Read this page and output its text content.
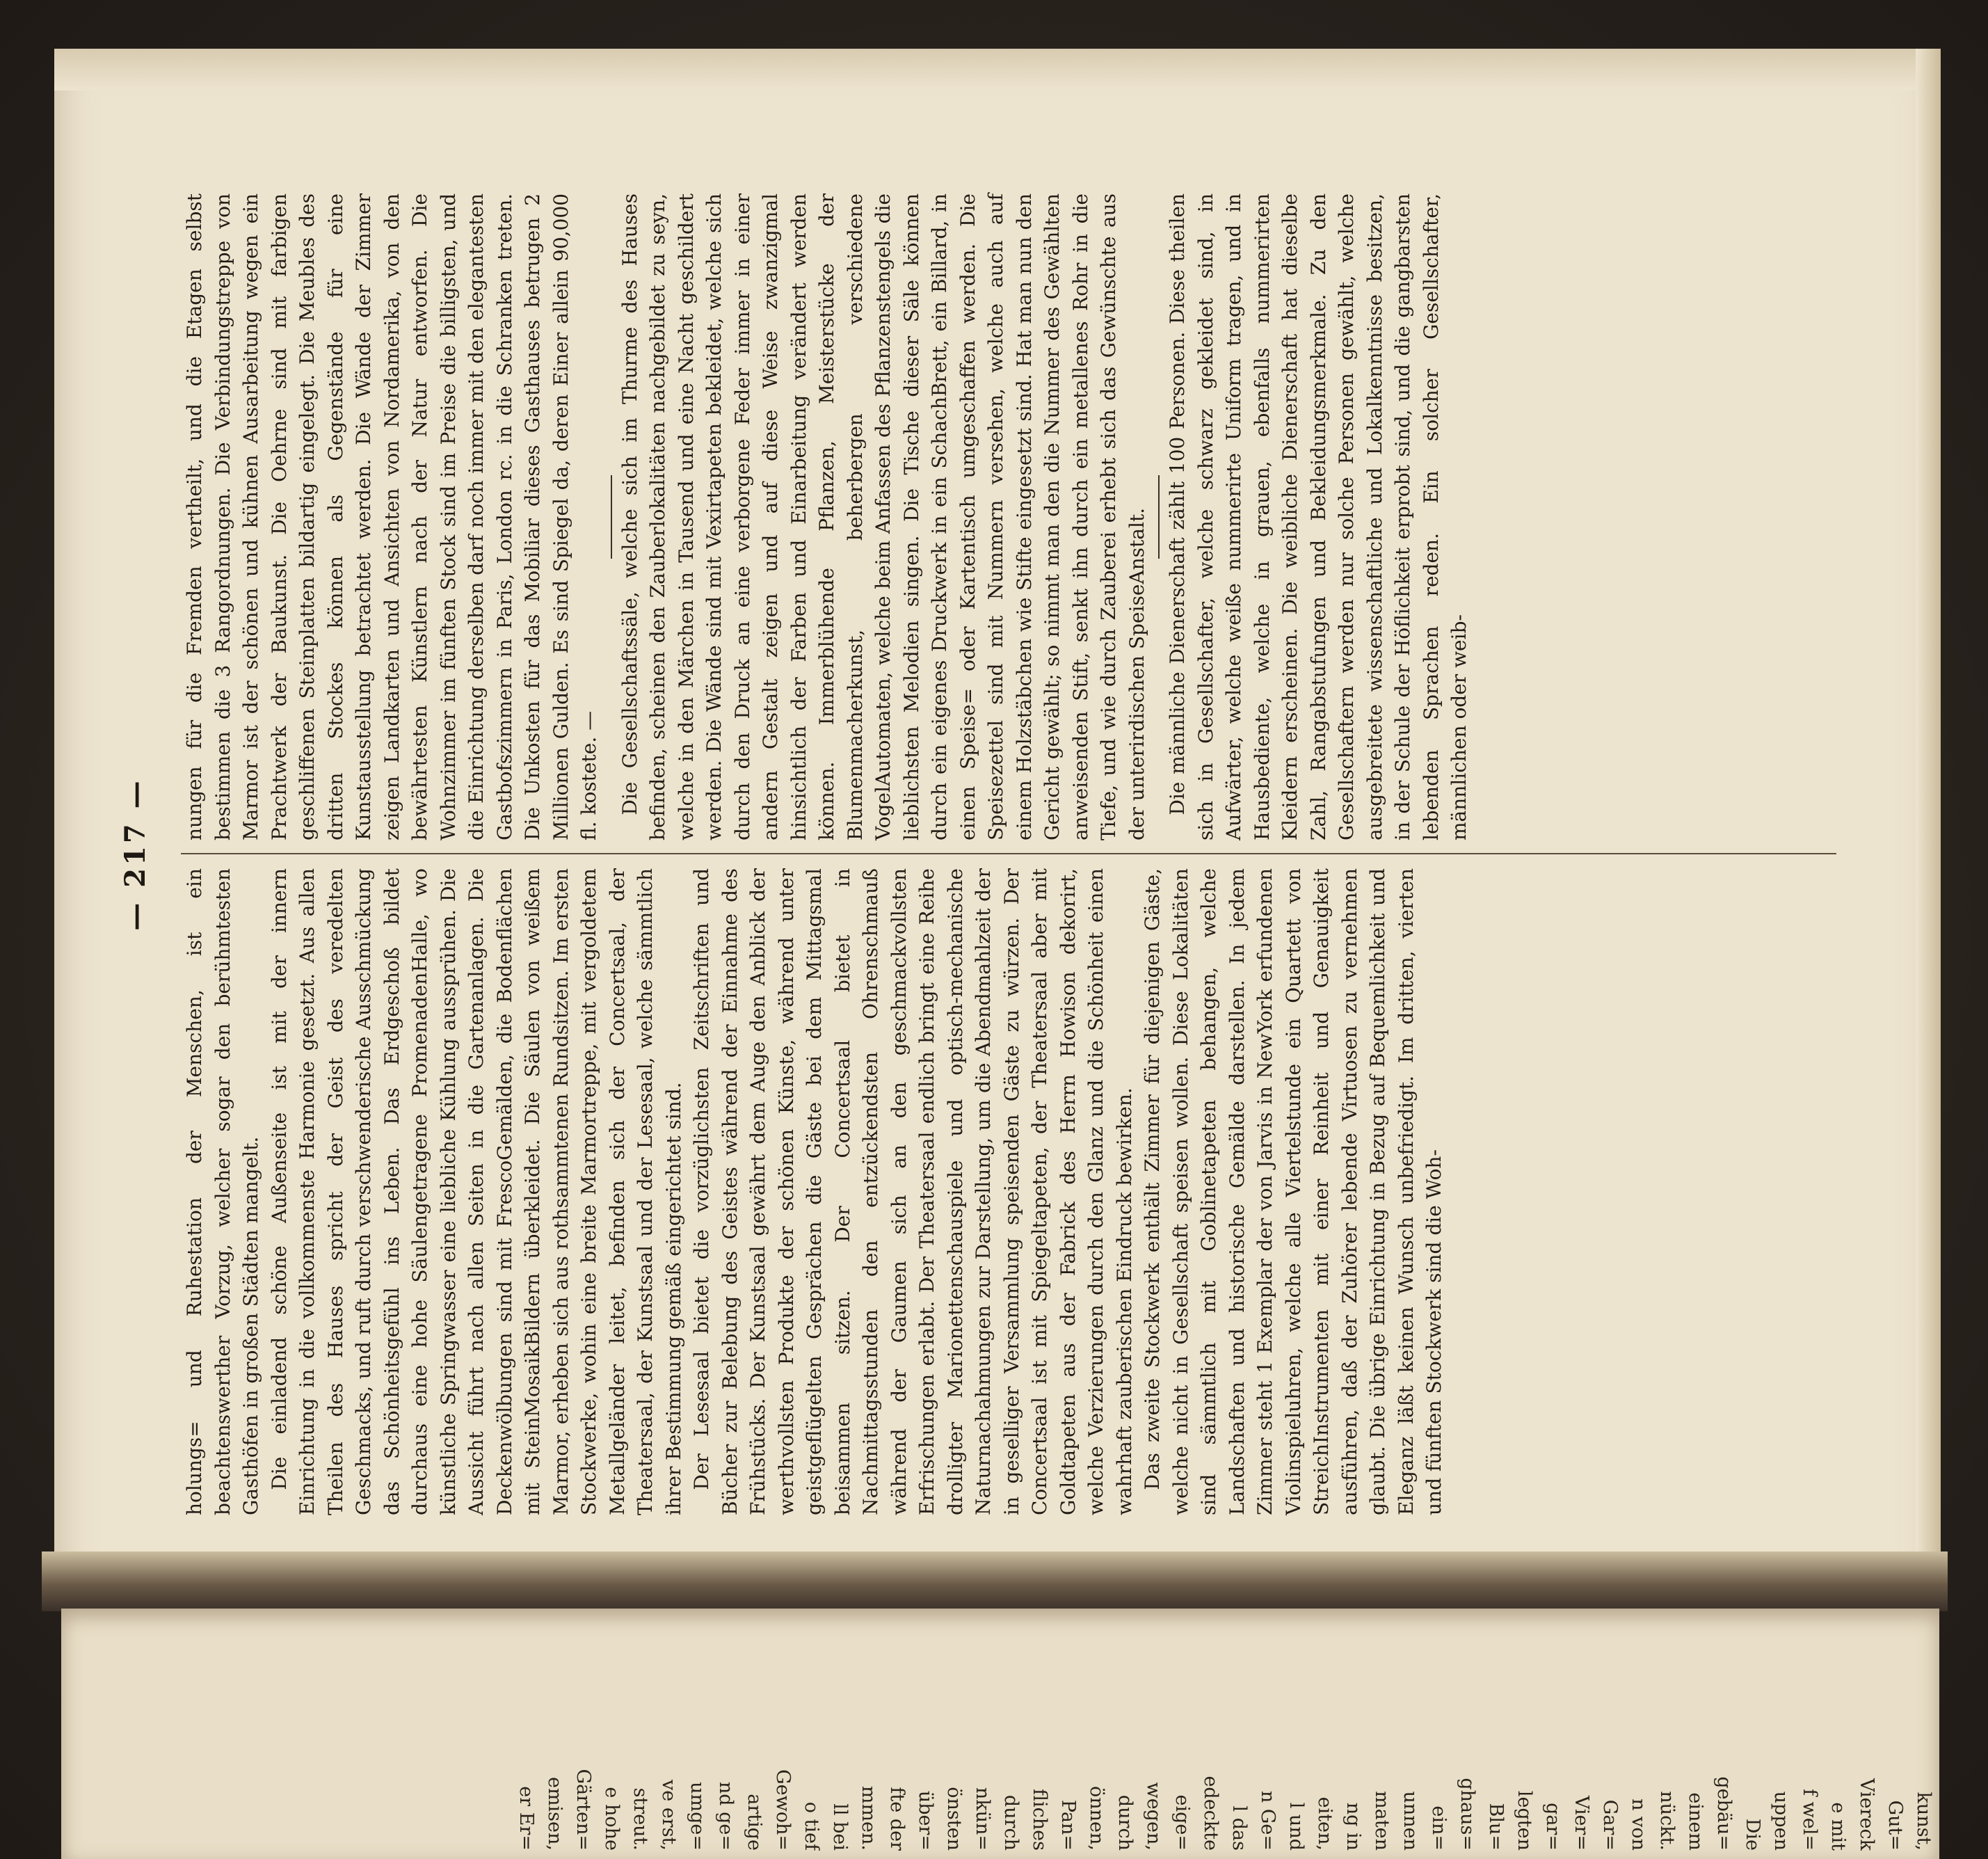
— 217 —

holungs= und Ruhestation der Menschen, ist ein beachtenswerther Vorzug, welcher sogar den berühmtesten Gasthöfen in großen Städten mangelt. Die einladend schöne Außenseite ist mit der innern Einrichtung in die vollkommenste Harmonie gesetzt. Aus allen Theilen des Hauses spricht der Geist des veredelten Geschmacks, und ruft durch verschwenderische Ausschmückung das Schönheitsgefühl ins Leben. Das Erdgeschoß bildet durchaus eine hohe Säulengetragene PromenadenHalle, wo künstliche Springwasser eine liebliche Kühlung aussprühen. Die Aussicht führt nach allen Seiten in die Gartenanlagen. Die Deckenwölbungen sind mit FrescoGemälden, die Bodenflächen mit SteinMosaikBildern überkleidet. Die Säulen von weißem Marmor, erheben sich aus rothsammtenen Rundsitzen. Im ersten Stockwerke, wohin eine breite Marmortreppe, mit vergoldetem Metallgeländer leitet, befinden sich der Concertsaal, der Theatersaal, der Kunstsaal und der Lesesaal, welche sämmtlich ihrer Bestimmung gemäß eingerichtet sind. Der Lesesaal bietet die vorzüglichsten Zeitschriften und Bücher zur Belebung des Geistes während der Einnahme des Frühstücks. Der Kunstsaal gewährt dem Auge den Anblick der werthvollsten Produkte der schönen Künste, während unter geistgeflügelten Gesprächen die Gäste bei dem Mittagsmal beisammen sitzen. Der Concertsaal bietet in Nachmittagsstunden den entzückendsten Ohrenschmauß während der Gaumen sich an den geschmackvollsten Erfrischungen erlabt. Der Theatersaal endlich bringt eine Reihe drolligter Marionettenschauspiele und optisch-mechanische Naturnachahmungen zur Darstellung, um die Abendmahlzeit der in geselliger Versammlung speisenden Gäste zu würzen. Der Concertsaal ist mit Spiegeltapeten, der Theatersaal aber mit Goldtapeten aus der Fabrick des Herrn Howison dekorirt, welche Verzierungen durch den Glanz und die Schönheit einen wahrhaft zauberischen Eindruck bewirken. Das zweite Stockwerk enthält Zimmer für diejenigen Gäste, welche nicht in Gesellschaft speisen wollen. Diese Lokalitäten sind sämmtlich mit Goblinetapeten behangen, welche Landschaften und historische Gemälde darstellen. In jedem Zimmer steht 1 Exemplar der von Jarvis in NewYork erfundenen Violinspieluhren, welche alle Viertelstunde ein Quartett von StreichInstrumenten mit einer Reinheit und Genauigkeit ausführen, daß der Zuhörer lebende Virtuosen zu vernehmen glaubt. Die übrige Einrichtung in Bezug auf Bequemlichkeit und Eleganz läßt keinen Wunsch unbefriedigt. Im dritten, vierten und fünften Stockwerk sind die Woh-

nungen für die Fremden vertheilt, und die Etagen selbst bestimmen die 3 Rangordnungen. Die Verbindungstreppe von Marmor ist der schönen und kühnen Ausarbeitung wegen ein Prachtwerk der Baukunst. Die Oehrne sind mit farbigen geschliffenen Steinplatten bildartig eingelegt. Die Meubles des dritten Stockes können als Gegenstände für eine Kunstausstellung betrachtet werden. Die Wände der Zimmer zeigen Landkarten und Ansichten von Nordamerika, von den bewährtesten Künstlern nach der Natur entworfen. Die Wohnzimmer im fünften Stock sind im Preise die billigsten, und die Einrichtung derselben darf noch immer mit den elegantesten Gastbofszimmern in Paris, London rc. in die Schranken treten. Die Unkosten für das Mobiliar dieses Gasthauses betrugen 2 Millionen Gulden. Es sind Spiegel da, deren Einer allein 90,000 fl. kostete. — Die Gesellschaftssäle, welche sich im Thurme des Hauses befinden, scheinen den Zauberlokalitäten nachgebildet zu seyn, welche in den Märchen in Tausend und eine Nacht geschildert werden. Die Wände sind mit Vexirtapeten bekleidet, welche sich durch den Druck an eine verborgene Feder immer in einer andern Gestalt zeigen und auf diese Weise zwanzigmal hinsichtlich der Farben und Einarbeitung verändert werden können. Immerblühende Pflanzen, Meisterstücke der Blumenmacherkunst, beherbergen verschiedene VogelAutomaten, welche beim Anfassen des Pflanzenstengels die lieblichsten Melodien singen. Die Tische dieser Säle können durch ein eigenes Druckwerk in ein SchachBrett, ein Billard, in einen Speise= oder Kartentisch umgeschaffen werden. Die Speisezettel sind mit Nummern versehen, welche auch auf einem Holzstäbchen wie Stifte eingesetzt sind. Hat man nun den Gericht gewählt; so nimmt man den die Nummer des Gewählten anweisenden Stift, senkt ihn durch ein metallenes Rohr in die Tiefe, und wie durch Zauberei erhebt sich das Gewünschte aus der unterirdischen SpeiseAnstalt. Die männliche Dienerschaft zählt 100 Personen. Diese theilen sich in Gesellschafter, welche schwarz gekleidet sind, in Aufwärter, welche weiße nummerirte Uniform tragen, und in Hausbediente, welche in grauen, ebenfalls nummerirten Kleidern erscheinen. Die weibliche Dienerschaft hat dieselbe Zahl, Rangabstufungen und Bekleidungsmerkmale. Zu den Gesellschaftern werden nur solche Personen gewählt, welche ausgebreitete wissenschaftliche und Lokalkenntnisse besitzen, in der Schule der Höflichkeit erprobt sind, und die gangbarsten lebenden Sprachen reden. Ein solcher Gesellschafter, männlichen oder weib-

kunst,
Gut=
Viereck
e mit
f wel=
uppen
Die
gebäu=
einem
nückt.
n von
Gar=
Vier=
gar=
legten
Blu=
ghaus=
ein=
unnen
maten
ng in
eiten,
l und
n Ge=
l das
edeckte
eige=
wegen,
durch
önnen,
Pan=
fliches
durch
nkün=
önsten
über=
fte der
mmen.
ll bei
o tief
Gewoh=
artige
nd ge=
umge=
ve erst,
streut.
e hohe
Gärten=
emisen,
er Er=
